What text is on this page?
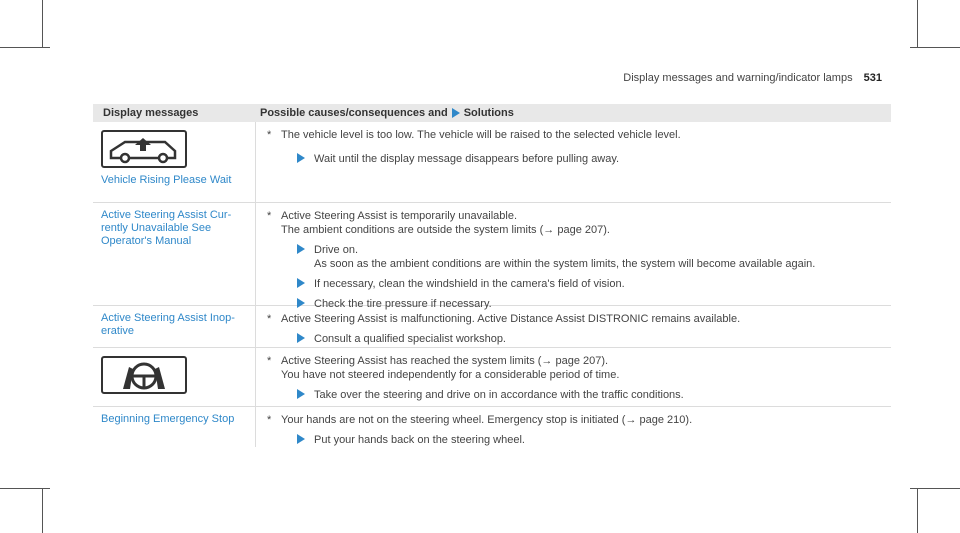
Display messages and warning/indicator lamps 531
Display messages	Possible causes/consequences and Solutions
Vehicle Rising Please Wait
* The vehicle level is too low. The vehicle will be raised to the selected vehicle level.
Wait until the display message disappears before pulling away.
Active Steering Assist Currently Unavailable See Operator's Manual
* Active Steering Assist is temporarily unavailable.
The ambient conditions are outside the system limits (→ page 207).
Drive on.
As soon as the ambient conditions are within the system limits, the system will become available again.
If necessary, clean the windshield in the camera's field of vision.
Check the tire pressure if necessary.
Active Steering Assist Inoperative
* Active Steering Assist is malfunctioning. Active Distance Assist DISTRONIC remains available.
Consult a qualified specialist workshop.
* Active Steering Assist has reached the system limits (→ page 207).
You have not steered independently for a considerable period of time.
Take over the steering and drive on in accordance with the traffic conditions.
Beginning Emergency Stop	* Your hands are not on the steering wheel. Emergency stop is initiated (→ page 210).
Put your hands back on the steering wheel.
